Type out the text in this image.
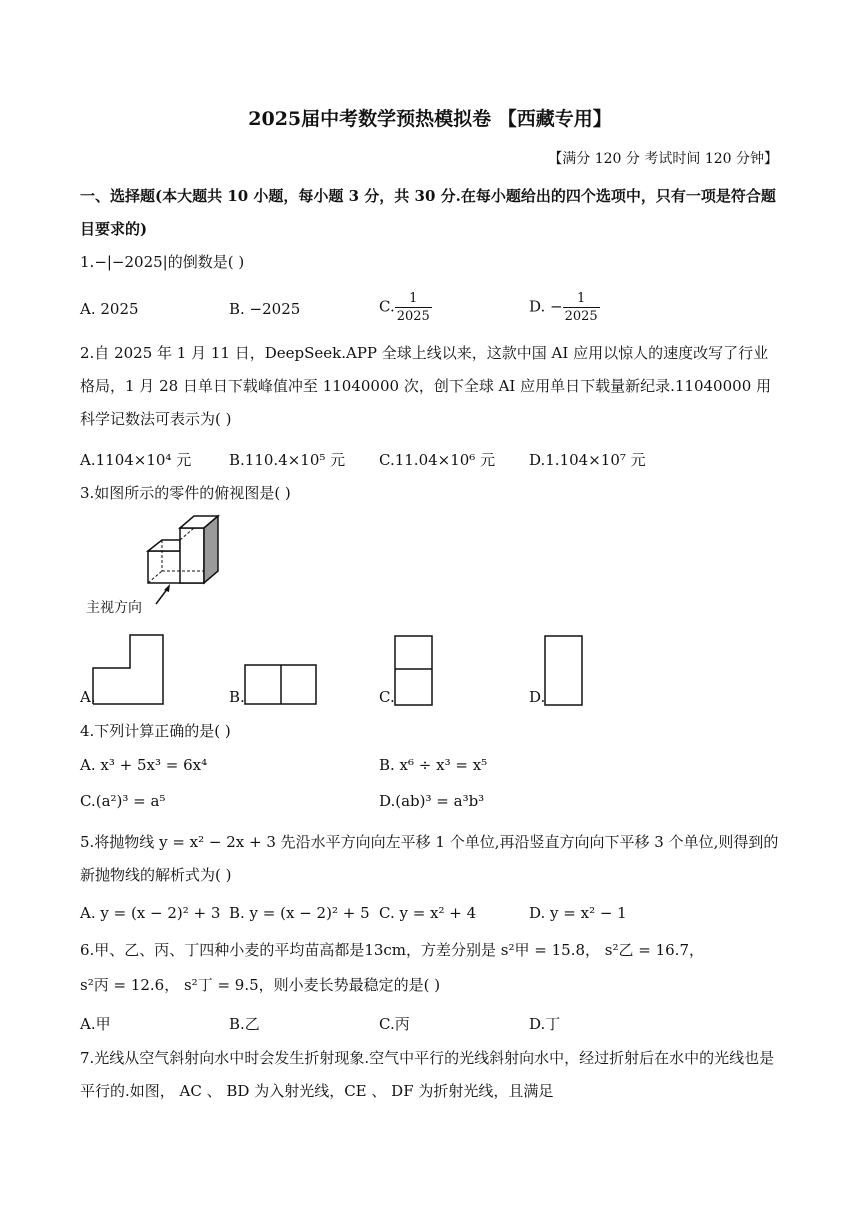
2025届中考数学预热模拟卷 【西藏专用】
【满分 120 分 考试时间 120 分钟】
一、选择题(本大题共 10 小题，每小题 3 分，共 30 分.在每小题给出的四个选项中，只有一项是符合题目要求的)
1.−|−2025|的倒数是( )
A. 2025	B. −2025	C. $\frac{1}{2025}$	D. − $\frac{1}{2025}$
2.自 2025 年 1 月 11 日，DeepSeek.APP 全球上线以来，这款中国 AI 应用以惊人的速度改写了行业格局，1 月 28 日单日下载峰值冲至 11040000 次，创下全球 AI 应用单日下载量新纪录.11040000 用科学记数法可表示为( )
A.1104×10⁴ 元	B.110.4×10⁵ 元 C.11.04×10⁶ 元 D.1.104×10⁷ 元
3.如图所示的零件的俯视图是( )
主视方向
A.	B.	C.	D.
4.下列计算正确的是( )
A. x³ + 5x³ = 6x⁴	B. x⁶ ÷ x³ = x⁵
C.(a²)³ = a⁵	D.(ab)³ = a³b³
5.将抛物线 y = x² − 2x + 3 先沿水平方向向左平移 1 个单位,再沿竖直方向向下平移 3 个单位,则得到的新抛物线的解析式为( )
A. y = (x − 2)² + 3 B. y = (x − 2)² + 5 C. y = x² + 4	D. y = x² − 1
6.甲、乙、丙、丁四种小麦的平均苗高都是13cm，方差分别是 s²甲 = 15.8， s²乙 = 16.7，
s²丙 = 12.6， s²丁 = 9.5，则小麦长势最稳定的是( )
A.甲	B.乙	C.丙	D.丁
7.光线从空气斜射向水中时会发生折射现象.空气中平行的光线斜射向水中，经过折射后在水中的光线也是平行的.如图， AC 、 BD 为入射光线，CE 、 DF 为折射光线，且满足
